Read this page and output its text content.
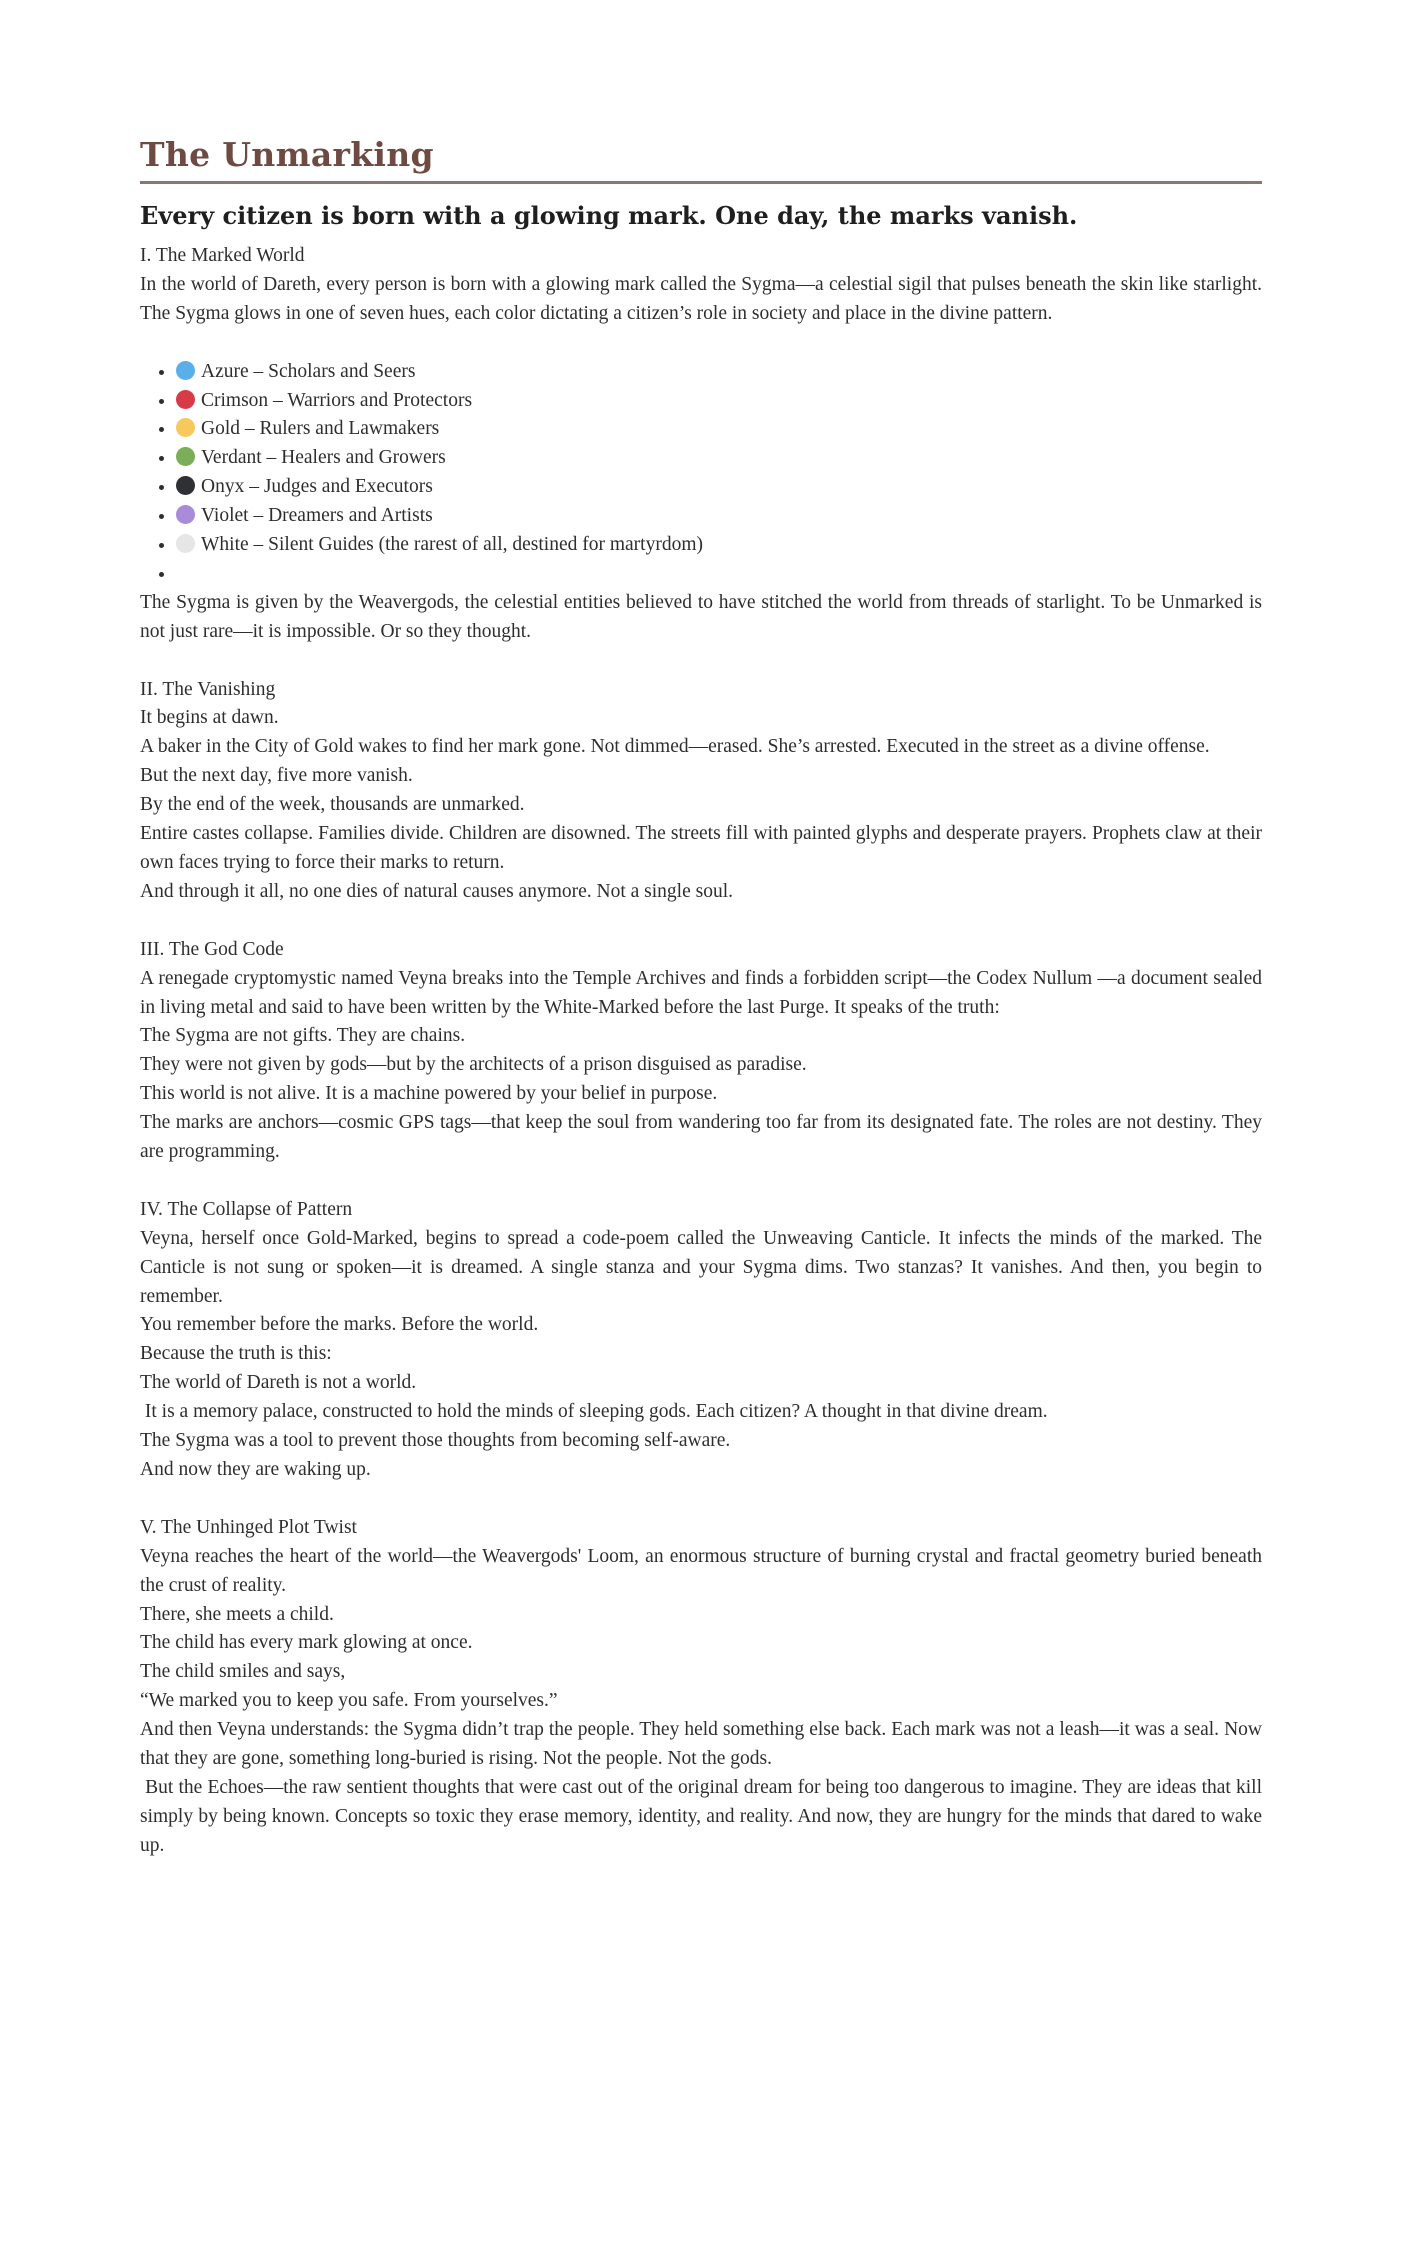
The Unmarking
Every citizen is born with a glowing mark. One day, the marks vanish.

I. The Marked World

In the world of Dareth, every person is born with a glowing mark called the Sygma—a celestial sigil that pulses beneath the skin like starlight. The Sygma glows in one of seven hues, each color dictating a citizen’s role in society and place in the divine pattern.

• Azure – Scholars and Seers
• Crimson – Warriors and Protectors
• Gold – Rulers and Lawmakers
• Verdant – Healers and Growers
• Onyx – Judges and Executors
• Violet – Dreamers and Artists
• White – Silent Guides (the rarest of all, destined for martyrdom)
•

The Sygma is given by the Weavergods, the celestial entities believed to have stitched the world from threads of starlight. To be Unmarked is not just rare—it is impossible. Or so they thought.

II. The Vanishing

It begins at dawn.

A baker in the City of Gold wakes to find her mark gone. Not dimmed—erased. She’s arrested. Executed in the street as a divine offense.

But the next day, five more vanish.

By the end of the week, thousands are unmarked.

Entire castes collapse. Families divide. Children are disowned. The streets fill with painted glyphs and desperate prayers. Prophets claw at their own faces trying to force their marks to return.

And through it all, no one dies of natural causes anymore. Not a single soul.

III. The God Code

A renegade cryptomystic named Veyna breaks into the Temple Archives and finds a forbidden script—the Codex Nullum —a document sealed in living metal and said to have been written by the White-Marked before the last Purge. It speaks of the truth:

The Sygma are not gifts. They are chains.

They were not given by gods—but by the architects of a prison disguised as paradise.

This world is not alive. It is a machine powered by your belief in purpose.

The marks are anchors—cosmic GPS tags—that keep the soul from wandering too far from its designated fate. The roles are not destiny. They are programming.

IV. The Collapse of Pattern

Veyna, herself once Gold-Marked, begins to spread a code-poem called the Unweaving Canticle. It infects the minds of the marked. The Canticle is not sung or spoken—it is dreamed. A single stanza and your Sygma dims. Two stanzas? It vanishes. And then, you begin to remember.

You remember before the marks. Before the world.

Because the truth is this:

The world of Dareth is not a world.

It is a memory palace, constructed to hold the minds of sleeping gods. Each citizen? A thought in that divine dream.

The Sygma was a tool to prevent those thoughts from becoming self-aware.

And now they are waking up.

V. The Unhinged Plot Twist

Veyna reaches the heart of the world—the Weavergods' Loom, an enormous structure of burning crystal and fractal geometry buried beneath the crust of reality.

There, she meets a child.

The child has every mark glowing at once.

The child smiles and says,

“We marked you to keep you safe. From yourselves.”

And then Veyna understands: the Sygma didn’t trap the people. They held something else back. Each mark was not a leash—it was a seal. Now that they are gone, something long-buried is rising. Not the people. Not the gods.

But the Echoes—the raw sentient thoughts that were cast out of the original dream for being too dangerous to imagine. They are ideas that kill simply by being known. Concepts so toxic they erase memory, identity, and reality. And now, they are hungry for the minds that dared to wake up.
